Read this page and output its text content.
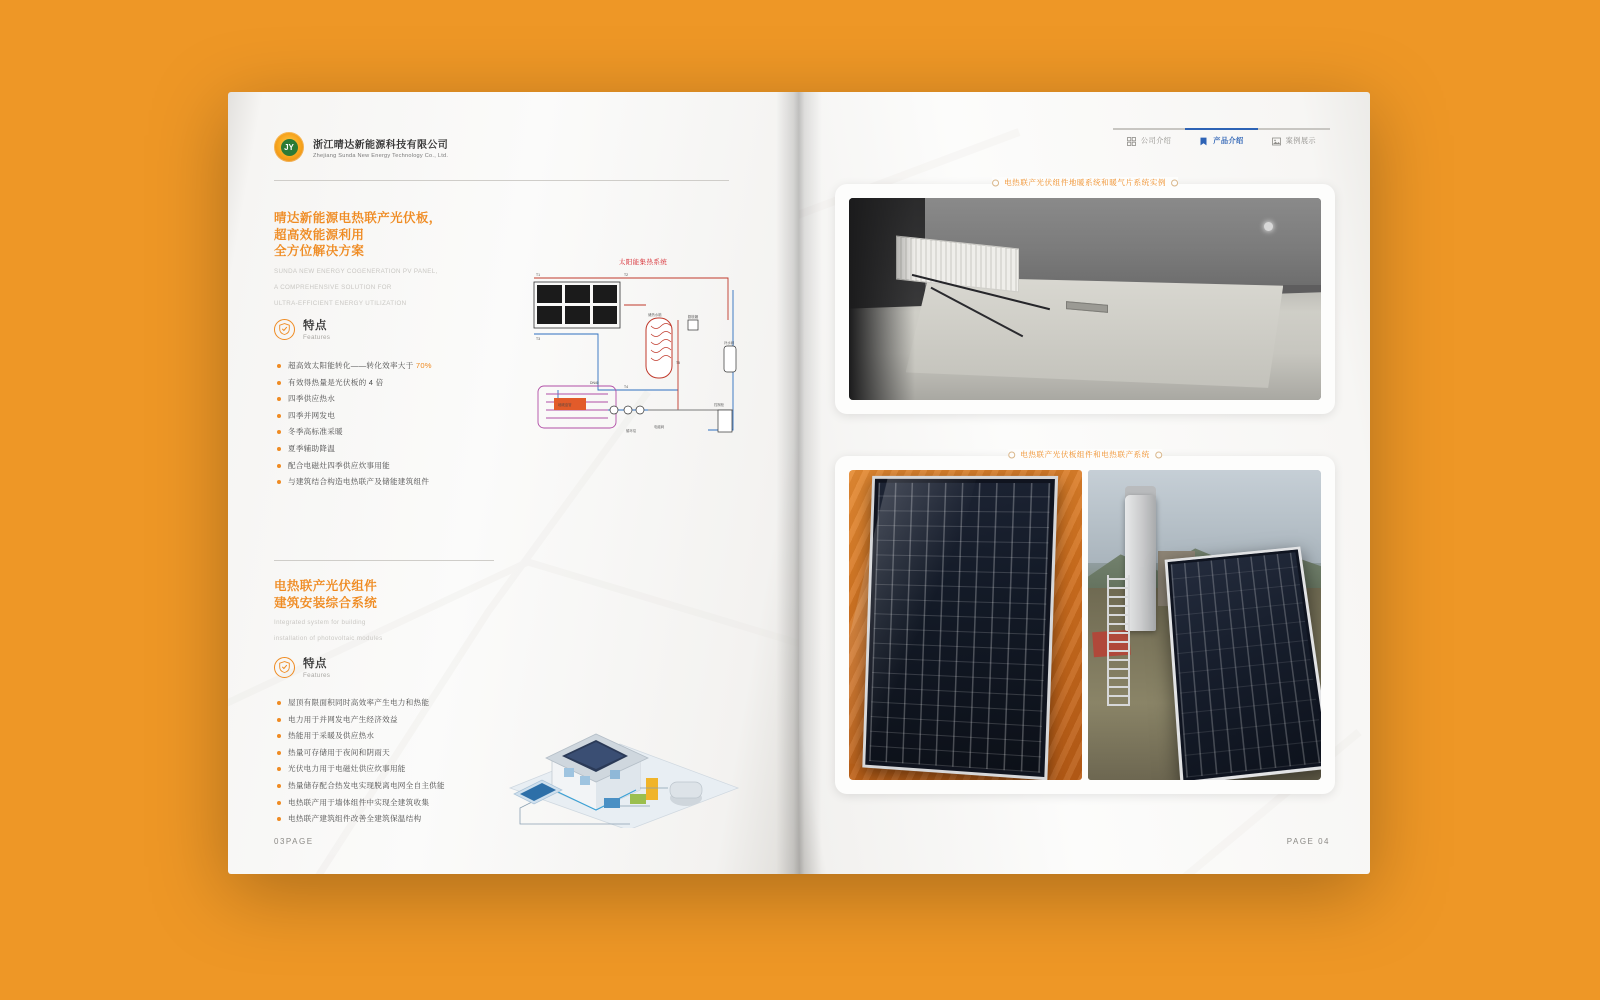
JY	浙江晴达新能源科技有限公司
Zhejiang Sunda New Energy Technology Co., Ltd.
晴达新能源电热联产光伏板，
超高效能源利用
全方位解决方案
SUNDA NEW ENERGY COGENERATION PV PANEL,
A COMPREHENSIVE SOLUTION FOR
ULTRA-EFFICIENT ENERGY UTILIZATION
特点
Features
超高效太阳能转化——转化效率大于 70%
有效得热量是光伏板的 4 倍
四季供应热水
四季并网发电
冬季高标准采暖
夏季辅助降温
配合电磁灶四季供应炊事用能
与建筑结合构造电热联产及储能建筑组件
太阳能集热系统
T1	T2
T3
T4
储热水箱
T5
DN40
地暖盘管
循环泵
控制柜
膨胀罐
补水阀
电磁阀
电热联产光伏组件
建筑安装综合系统
Integrated system for building
installation of photovoltaic modules
特点
Features
屋顶有限面积同时高效率产生电力和热能
电力用于并网发电产生经济效益
热能用于采暖及供应热水
热量可存储用于夜间和阴雨天
光伏电力用于电磁灶供应炊事用能
热量储存配合热发电实现脱离电网全自主供能
电热联产用于墙体组件中实现全建筑收集
电热联产建筑组件改善全建筑保温结构
03PAGE
公司介绍	产品介绍	案例展示
电热联产光伏组件地暖系统和暖气片系统实例
电热联产光伏板组件和电热联产系统
PAGE 04
